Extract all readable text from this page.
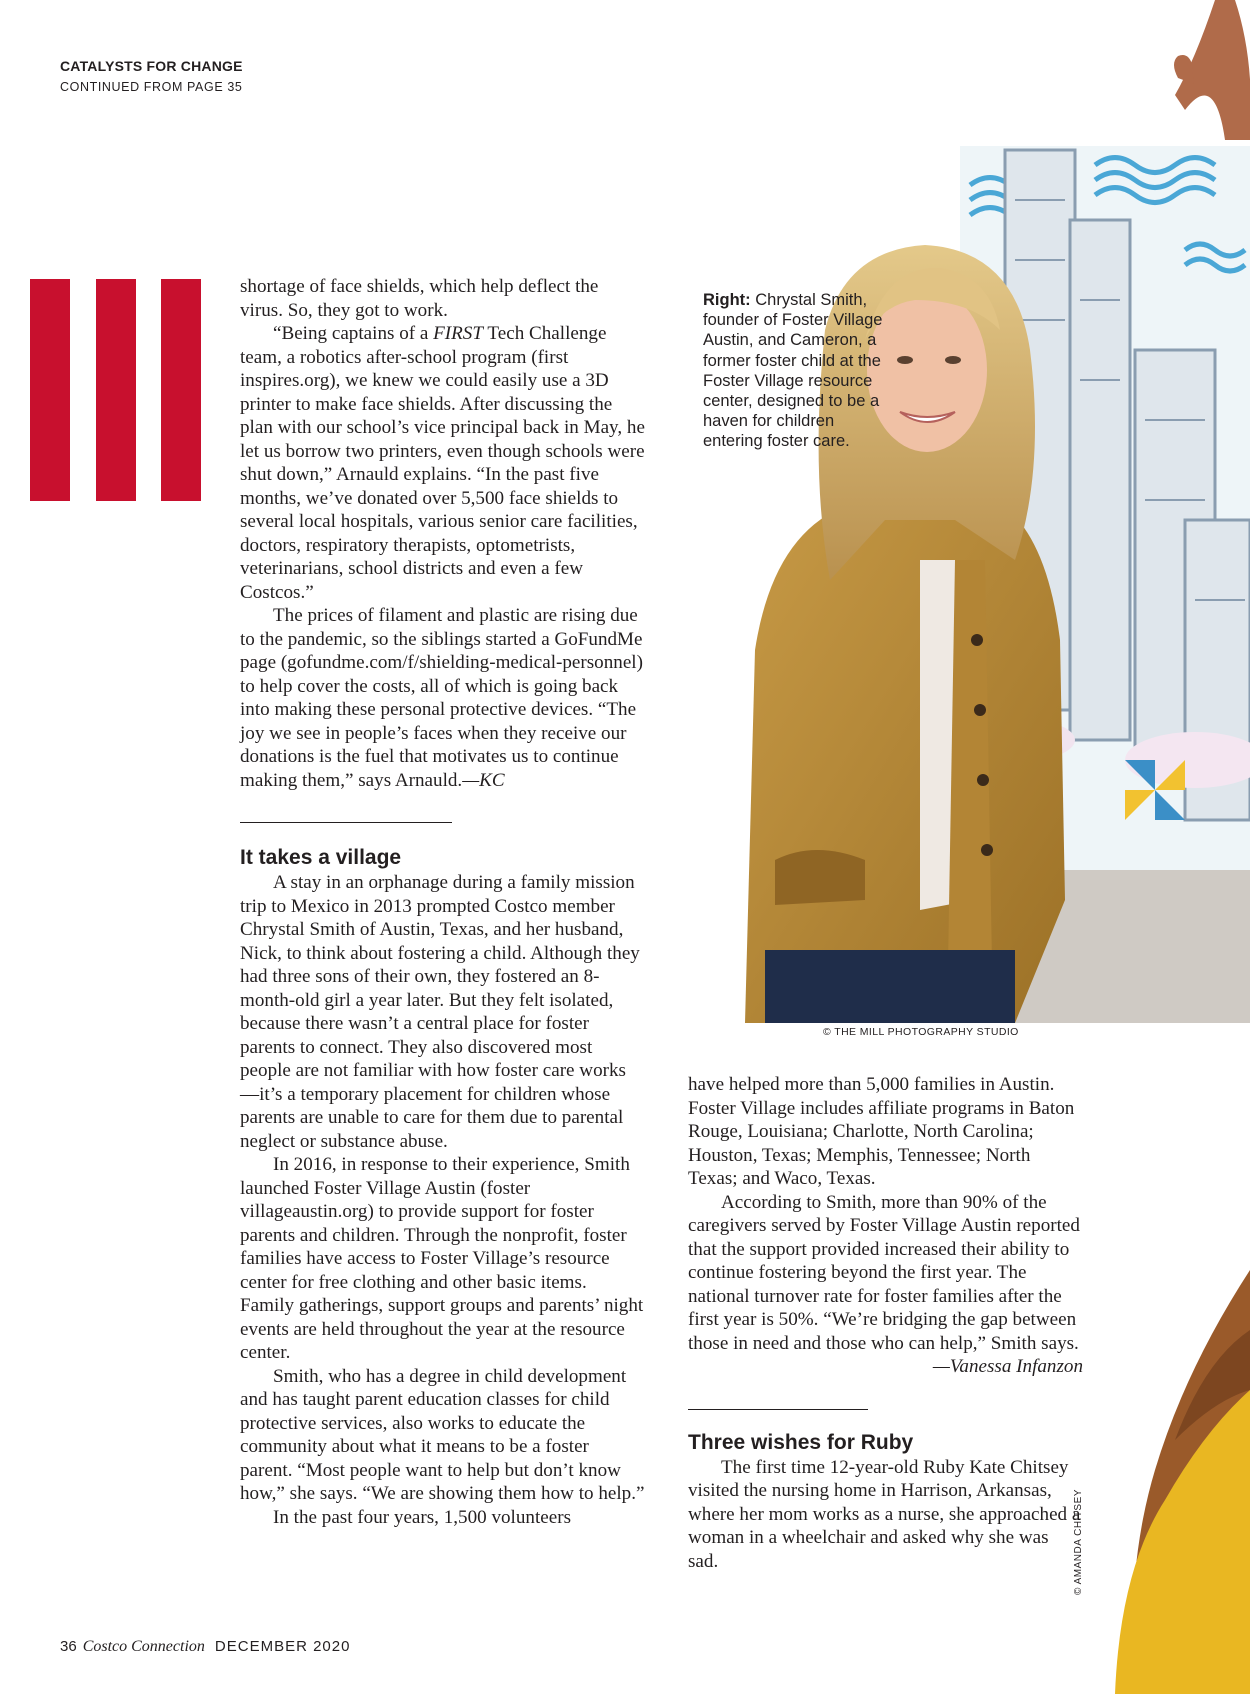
CATALYSTS FOR CHANGE
CONTINUED FROM PAGE 35

shortage of face shields, which help deflect the virus. So, they got to work.

“Being captains of a FIRST Tech Challenge team, a robotics after-school program (first inspires.org), we knew we could easily use a 3D printer to make face shields. After discussing the plan with our school’s vice principal back in May, he let us borrow two printers, even though schools were shut down,” Arnauld explains. “In the past five months, we’ve donated over 5,500 face shields to several local hospitals, various senior care facilities, doctors, respiratory therapists, optometrists, veterinarians, school districts and even a few Costcos.”

The prices of filament and plastic are rising due to the pandemic, so the siblings started a GoFundMe page (gofundme.com/f/shielding-medical-personnel) to help cover the costs, all of which is going back into making these personal protective devices. “The joy we see in people’s faces when they receive our donations is the fuel that motivates us to continue making them,” says Arnauld.—KC

It takes a village

A stay in an orphanage during a family mission trip to Mexico in 2013 prompted Costco member Chrystal Smith of Austin, Texas, and her husband, Nick, to think about fostering a child. Although they had three sons of their own, they fostered an 8-month-old girl a year later. But they felt isolated, because there wasn’t a central place for foster parents to connect. They also discovered most people are not familiar with how foster care works—it’s a temporary placement for children whose parents are unable to care for them due to parental neglect or substance abuse.

In 2016, in response to their experience, Smith launched Foster Village Austin (foster villageaustin.org) to provide support for foster parents and children. Through the nonprofit, foster families have access to Foster Village’s resource center for free clothing and other basic items. Family gatherings, support groups and parents’ night events are held throughout the year at the resource center.

Smith, who has a degree in child development and has taught parent education classes for child protective services, also works to educate the community about what it means to be a foster parent. “Most people want to help but don’t know how,” she says. “We are showing them how to help.”

In the past four years, 1,500 volunteers

Right: Chrystal Smith, founder of Foster Village Austin, and Cameron, a former foster child at the Foster Village resource center, designed to be a haven for children entering foster care.
© THE MILL PHOTOGRAPHY STUDIO

have helped more than 5,000 families in Austin. Foster Village includes affiliate programs in Baton Rouge, Louisiana; Charlotte, North Carolina; Houston, Texas; Memphis, Tennessee; North Texas; and Waco, Texas.

According to Smith, more than 90% of the caregivers served by Foster Village Austin reported that the support provided increased their ability to continue fostering beyond the first year. The national turnover rate for foster families after the first year is 50%. “We’re bridging the gap between those in need and those who can help,” Smith says.

—Vanessa Infanzon

Three wishes for Ruby

The first time 12-year-old Ruby Kate Chitsey visited the nursing home in Harrison, Arkansas, where her mom works as a nurse, she approached a woman in a wheelchair and asked why she was sad.	© AMANDA CHITSEY
36 Costco Connection DECEMBER 2020
